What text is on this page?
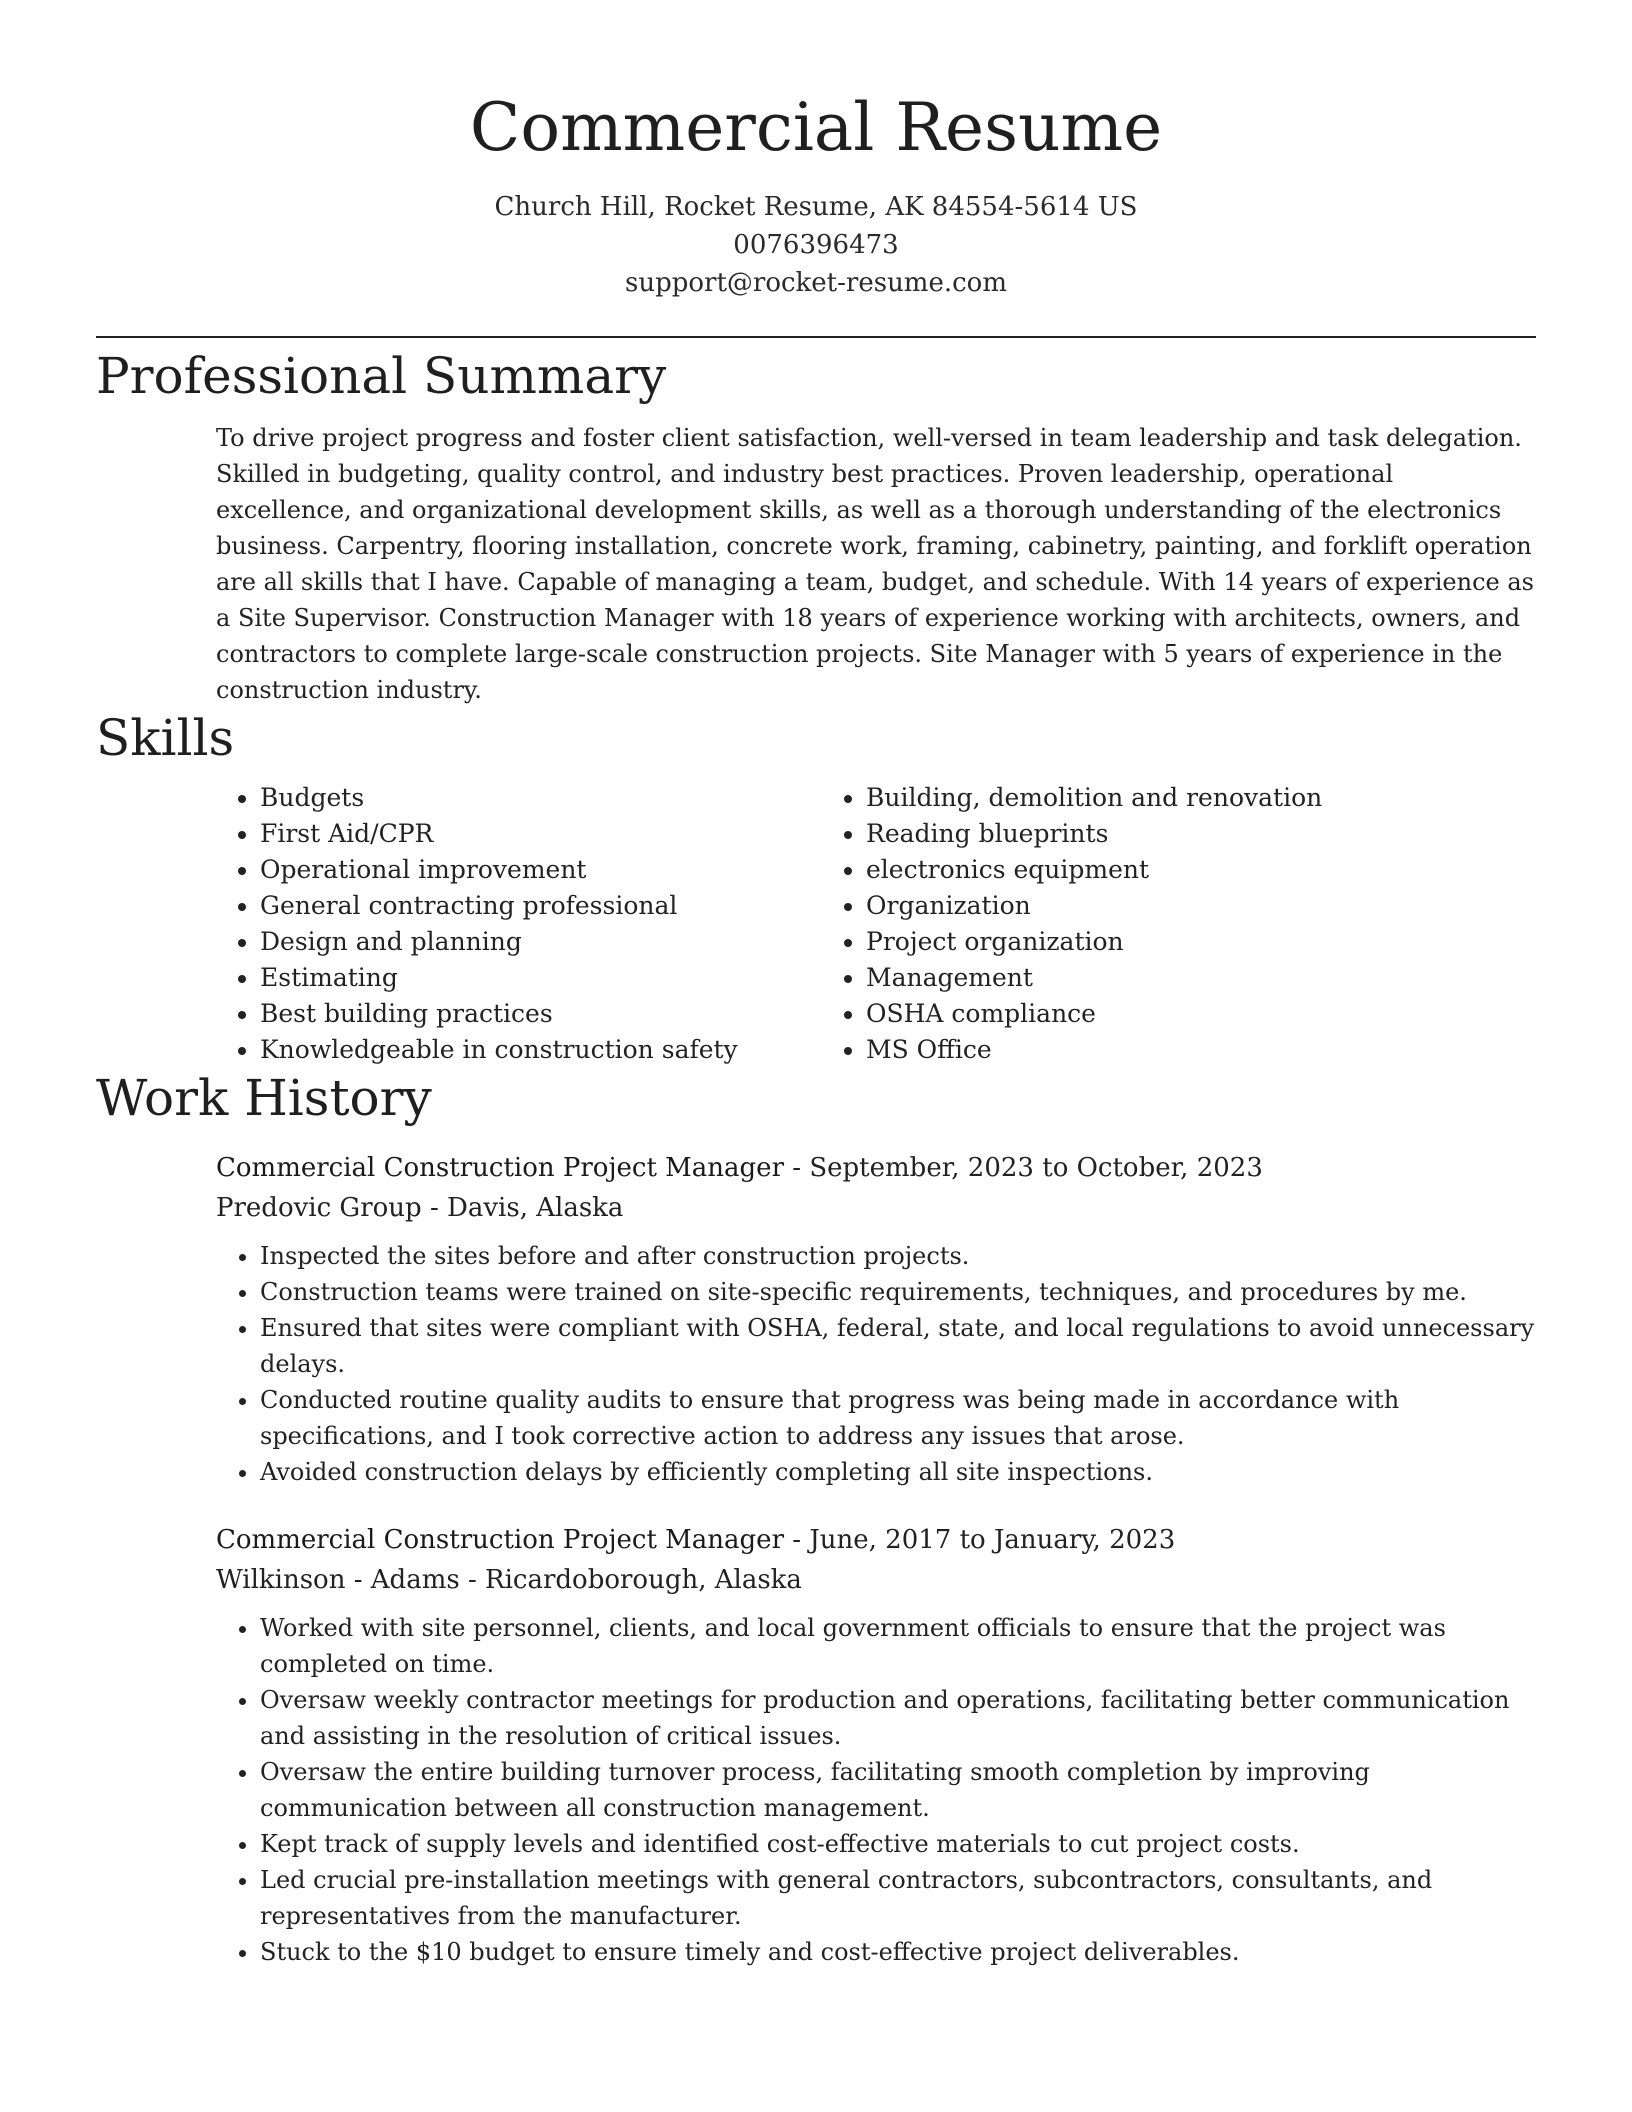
Commercial Resume
Church Hill, Rocket Resume, AK 84554-5614 US
0076396473
support@rocket-resume.com
Professional Summary
To drive project progress and foster client satisfaction, well-versed in team leadership and task delegation. Skilled in budgeting, quality control, and industry best practices. Proven leadership, operational excellence, and organizational development skills, as well as a thorough understanding of the electronics business. Carpentry, flooring installation, concrete work, framing, cabinetry, painting, and forklift operation are all skills that I have. Capable of managing a team, budget, and schedule. With 14 years of experience as a Site Supervisor. Construction Manager with 18 years of experience working with architects, owners, and contractors to complete large-scale construction projects. Site Manager with 5 years of experience in the construction industry.
Skills
• Budgets
• First Aid/CPR
• Operational improvement
• General contracting professional
• Design and planning
• Estimating
• Best building practices
• Knowledgeable in construction safety
• Building, demolition and renovation
• Reading blueprints
• electronics equipment
• Organization
• Project organization
• Management
• OSHA compliance
• MS Office
Work History
Commercial Construction Project Manager - September, 2023 to October, 2023
Predovic Group - Davis, Alaska
• Inspected the sites before and after construction projects.
• Construction teams were trained on site-specific requirements, techniques, and procedures by me.
• Ensured that sites were compliant with OSHA, federal, state, and local regulations to avoid unnecessary delays.
• Conducted routine quality audits to ensure that progress was being made in accordance with specifications, and I took corrective action to address any issues that arose.
• Avoided construction delays by efficiently completing all site inspections.
Commercial Construction Project Manager - June, 2017 to January, 2023
Wilkinson - Adams - Ricardoborough, Alaska
• Worked with site personnel, clients, and local government officials to ensure that the project was completed on time.
• Oversaw weekly contractor meetings for production and operations, facilitating better communication and assisting in the resolution of critical issues.
• Oversaw the entire building turnover process, facilitating smooth completion by improving communication between all construction management.
• Kept track of supply levels and identified cost-effective materials to cut project costs.
• Led crucial pre-installation meetings with general contractors, subcontractors, consultants, and representatives from the manufacturer.
• Stuck to the $10 budget to ensure timely and cost-effective project deliverables.
